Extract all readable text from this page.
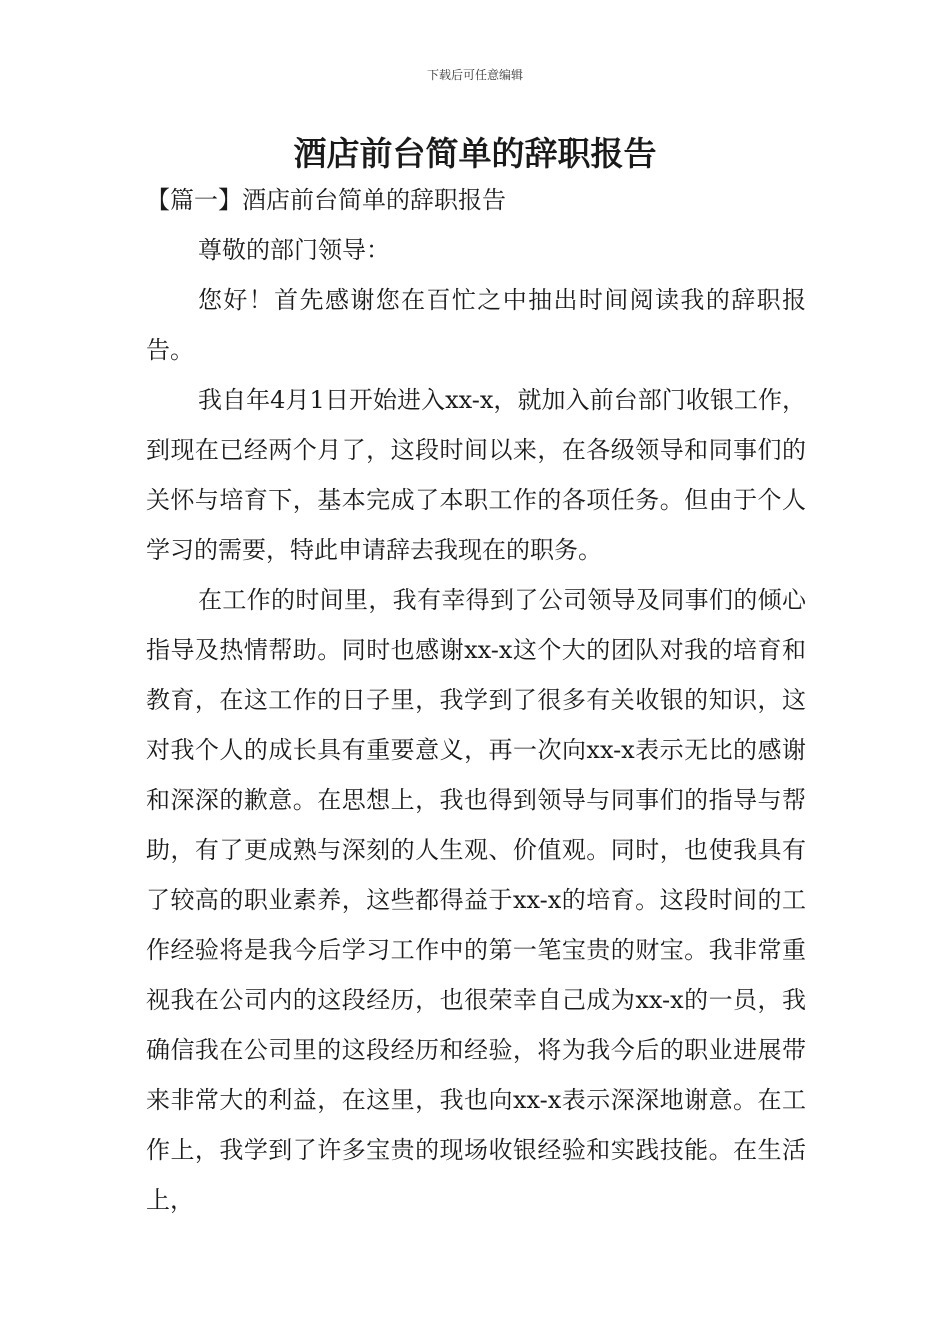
下载后可任意编辑
酒店前台简单的辞职报告
【篇一】酒店前台简单的辞职报告

尊敬的部门领导：

您好！首先感谢您在百忙之中抽出时间阅读我的辞职报告。

我自年4月1日开始进入xx-x，就加入前台部门收银工作，到现在已经两个月了，这段时间以来，在各级领导和同事们的关怀与培育下，基本完成了本职工作的各项任务。但由于个人学习的需要，特此申请辞去我现在的职务。

在工作的时间里，我有幸得到了公司领导及同事们的倾心指导及热情帮助。同时也感谢xx-x这个大的团队对我的培育和教育，在这工作的日子里，我学到了很多有关收银的知识，这对我个人的成长具有重要意义，再一次向xx-x表示无比的感谢和深深的歉意。在思想上，我也得到领导与同事们的指导与帮助，有了更成熟与深刻的人生观、价值观。同时，也使我具有了较高的职业素养，这些都得益于xx-x的培育。这段时间的工作经验将是我今后学习工作中的第一笔宝贵的财宝。我非常重视我在公司内的这段经历，也很荣幸自己成为xx-x的一员，我确信我在公司里的这段经历和经验，将为我今后的职业进展带来非常大的利益，在这里，我也向xx-x表示深深地谢意。在工作上，我学到了许多宝贵的现场收银经验和实践技能。在生活上，
